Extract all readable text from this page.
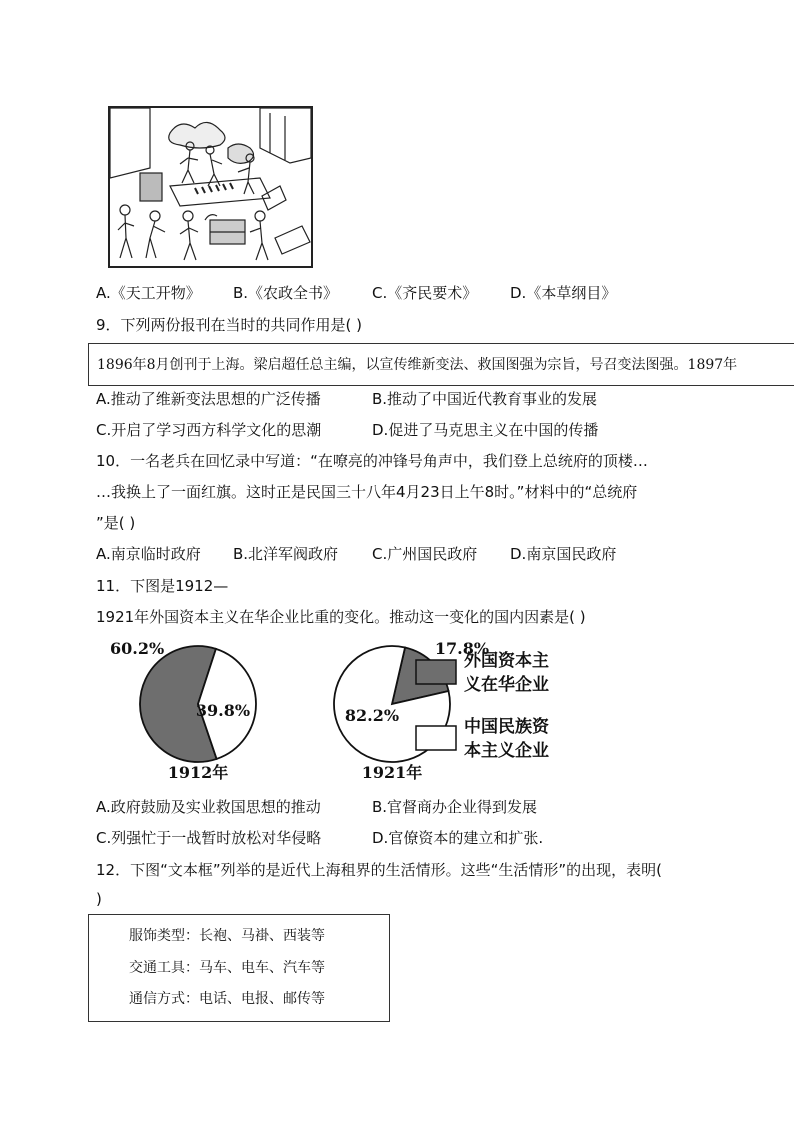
A.《天工开物》 B.《农政全书》 C.《齐民要术》 D.《本草纲目》
9．下列两份报刊在当时的共同作用是( )
1896年8月创刊于上海。梁启超任总主编，以宣传维新变法、救国图强为宗旨，号召变法图强。1897年
A.推动了维新变法思想的广泛传播	B.推动了中国近代教育事业的发展
C.开启了学习西方科学文化的思潮	D.促进了马克思主义在中国的传播
10．一名老兵在回忆录中写道：“在嘹亮的冲锋号角声中，我们登上总统府的顶楼…
…我换上了一面红旗。这时正是民国三十八年4月23日上午8时。”材料中的“总统府
”是( )
A.南京临时政府 B.北洋军阀政府 C.广州国民政府 D.南京国民政府
11．下图是1912—
1921年外国资本主义在华企业比重的变化。推动这一变化的国内因素是( )
60.2%
39.8%
1912年
17.8%
82.2%
1921年
外国资本主
义在华企业
中国民族资
本主义企业
A.政府鼓励及实业救国思想的推动	B.官督商办企业得到发展
C.列强忙于一战暂时放松对华侵略	D.官僚资本的建立和扩张.
12．下图“文本框”列举的是近代上海租界的生活情形。这些“生活情形”的出现，表明(
)
服饰类型：长袍、马褂、西装等
交通工具：马车、电车、汽车等
通信方式：电话、电报、邮传等
